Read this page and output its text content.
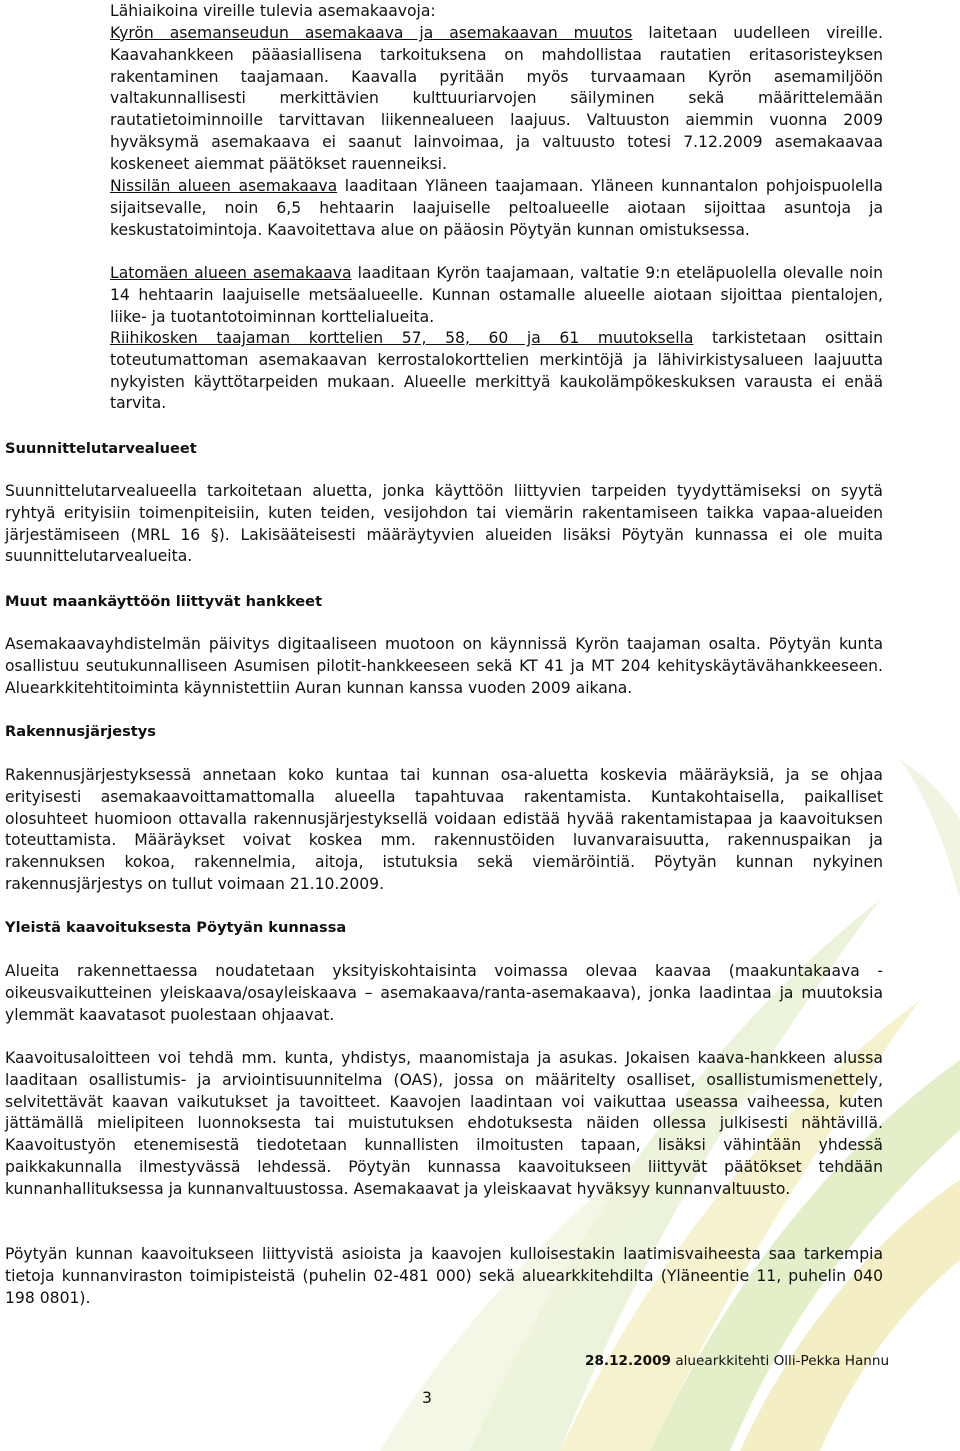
Lähiaikoina vireille tulevia asemakaavoja:

Kyrön asemanseudun asemakaava ja asemakaavan muutos laitetaan uudelleen vireille. Kaavahankkeen pääasiallisena tarkoituksena on mahdollistaa rautatien eritasoristeyksen rakentaminen taajamaan. Kaavalla pyritään myös turvaamaan Kyrön asemamiljöön valtakunnallisesti merkittävien kulttuuriarvojen säilyminen sekä määrittelemään rautatietoiminnoille tarvittavan liikennealueen laajuus. Valtuuston aiemmin vuonna 2009 hyväksymä asemakaava ei saanut lainvoimaa, ja valtuusto totesi 7.12.2009 asemakaavaa koskeneet aiemmat päätökset rauenneiksi.

Nissilän alueen asemakaava laaditaan Yläneen taajamaan. Yläneen kunnantalon pohjoispuolella sijaitsevalle, noin 6,5 hehtaarin laajuiselle peltoalueelle aiotaan sijoittaa asuntoja ja keskustatoimintoja. Kaavoitettava alue on pääosin Pöytyän kunnan omistuksessa.

Latomäen alueen asemakaava laaditaan Kyrön taajamaan, valtatie 9:n eteläpuolella olevalle noin 14 hehtaarin laajuiselle metsäalueelle. Kunnan ostamalle alueelle aiotaan sijoittaa pientalojen, liike- ja tuotantotoiminnan korttelialueita.

Riihikosken taajaman korttelien 57, 58, 60 ja 61 muutoksella tarkistetaan osittain toteutumattoman asemakaavan kerrostalokorttelien merkintöjä ja lähivirkistysalueen laajuutta nykyisten käyttötarpeiden mukaan. Alueelle merkittyä kaukolämpökeskuksen varausta ei enää tarvita.

Suunnittelutarvealueet

Suunnittelutarvealueella tarkoitetaan aluetta, jonka käyttöön liittyvien tarpeiden tyydyttämiseksi on syytä ryhtyä erityisiin toimenpiteisiin, kuten teiden, vesijohdon tai viemärin rakentamiseen taikka vapaa-alueiden järjestämiseen (MRL 16 §). Lakisääteisesti määräytyvien alueiden lisäksi Pöytyän kunnassa ei ole muita suunnittelutarvealueita.

Muut maankäyttöön liittyvät hankkeet

Asemakaavayhdistelmän päivitys digitaaliseen muotoon on käynnissä Kyrön taajaman osalta. Pöytyän kunta osallistuu seutukunnalliseen Asumisen pilotit-hankkeeseen sekä KT 41 ja MT 204 kehityskäytävähankkeeseen. Aluearkkitehtitoiminta käynnistettiin Auran kunnan kanssa vuoden 2009 aikana.

Rakennusjärjestys

Rakennusjärjestyksessä annetaan koko kuntaa tai kunnan osa-aluetta koskevia määräyksiä, ja se ohjaa erityisesti asemakaavoittamattomalla alueella tapahtuvaa rakentamista. Kuntakohtaisella, paikalliset olosuhteet huomioon ottavalla rakennusjärjestyksellä voidaan edistää hyvää rakentamistapaa ja kaavoituksen toteuttamista. Määräykset voivat koskea mm. rakennustöiden luvanvaraisuutta, rakennuspaikan ja rakennuksen kokoa, rakennelmia, aitoja, istutuksia sekä viemäröintiä. Pöytyän kunnan nykyinen rakennusjärjestys on tullut voimaan 21.10.2009.

Yleistä kaavoituksesta Pöytyän kunnassa

Alueita rakennettaessa noudatetaan yksityiskohtaisinta voimassa olevaa kaavaa (maakuntakaava - oikeusvaikutteinen yleiskaava/osayleiskaava – asemakaava/ranta-asemakaava), jonka laadintaa ja muutoksia ylemmät kaavatasot puolestaan ohjaavat.

Kaavoitusaloitteen voi tehdä mm. kunta, yhdistys, maanomistaja ja asukas. Jokaisen kaava-hankkeen alussa laaditaan osallistumis- ja arviointisuunnitelma (OAS), jossa on määritelty osalliset, osallistumismenettely, selvitettävät kaavan vaikutukset ja tavoitteet. Kaavojen laadintaan voi vaikuttaa useassa vaiheessa, kuten jättämällä mielipiteen luonnoksesta tai muistutuksen ehdotuksesta näiden ollessa julkisesti nähtävillä. Kaavoitustyön etenemisestä tiedotetaan kunnallisten ilmoitusten tapaan, lisäksi vähintään yhdessä paikkakunnalla ilmestyvässä lehdessä. Pöytyän kunnassa kaavoitukseen liittyvät päätökset tehdään kunnanhallituksessa ja kunnanvaltuustossa. Asemakaavat ja yleiskaavat hyväksyy kunnanvaltuusto.

Pöytyän kunnan kaavoitukseen liittyvistä asioista ja kaavojen kulloisestakin laatimisvaiheesta saa tarkempia tietoja kunnanviraston toimipisteistä (puhelin 02-481 000) sekä aluearkkitehdilta (Yläneentie 11, puhelin 040 198 0801).

28.12.2009 aluearkkitehti Olli-Pekka Hannu
3
